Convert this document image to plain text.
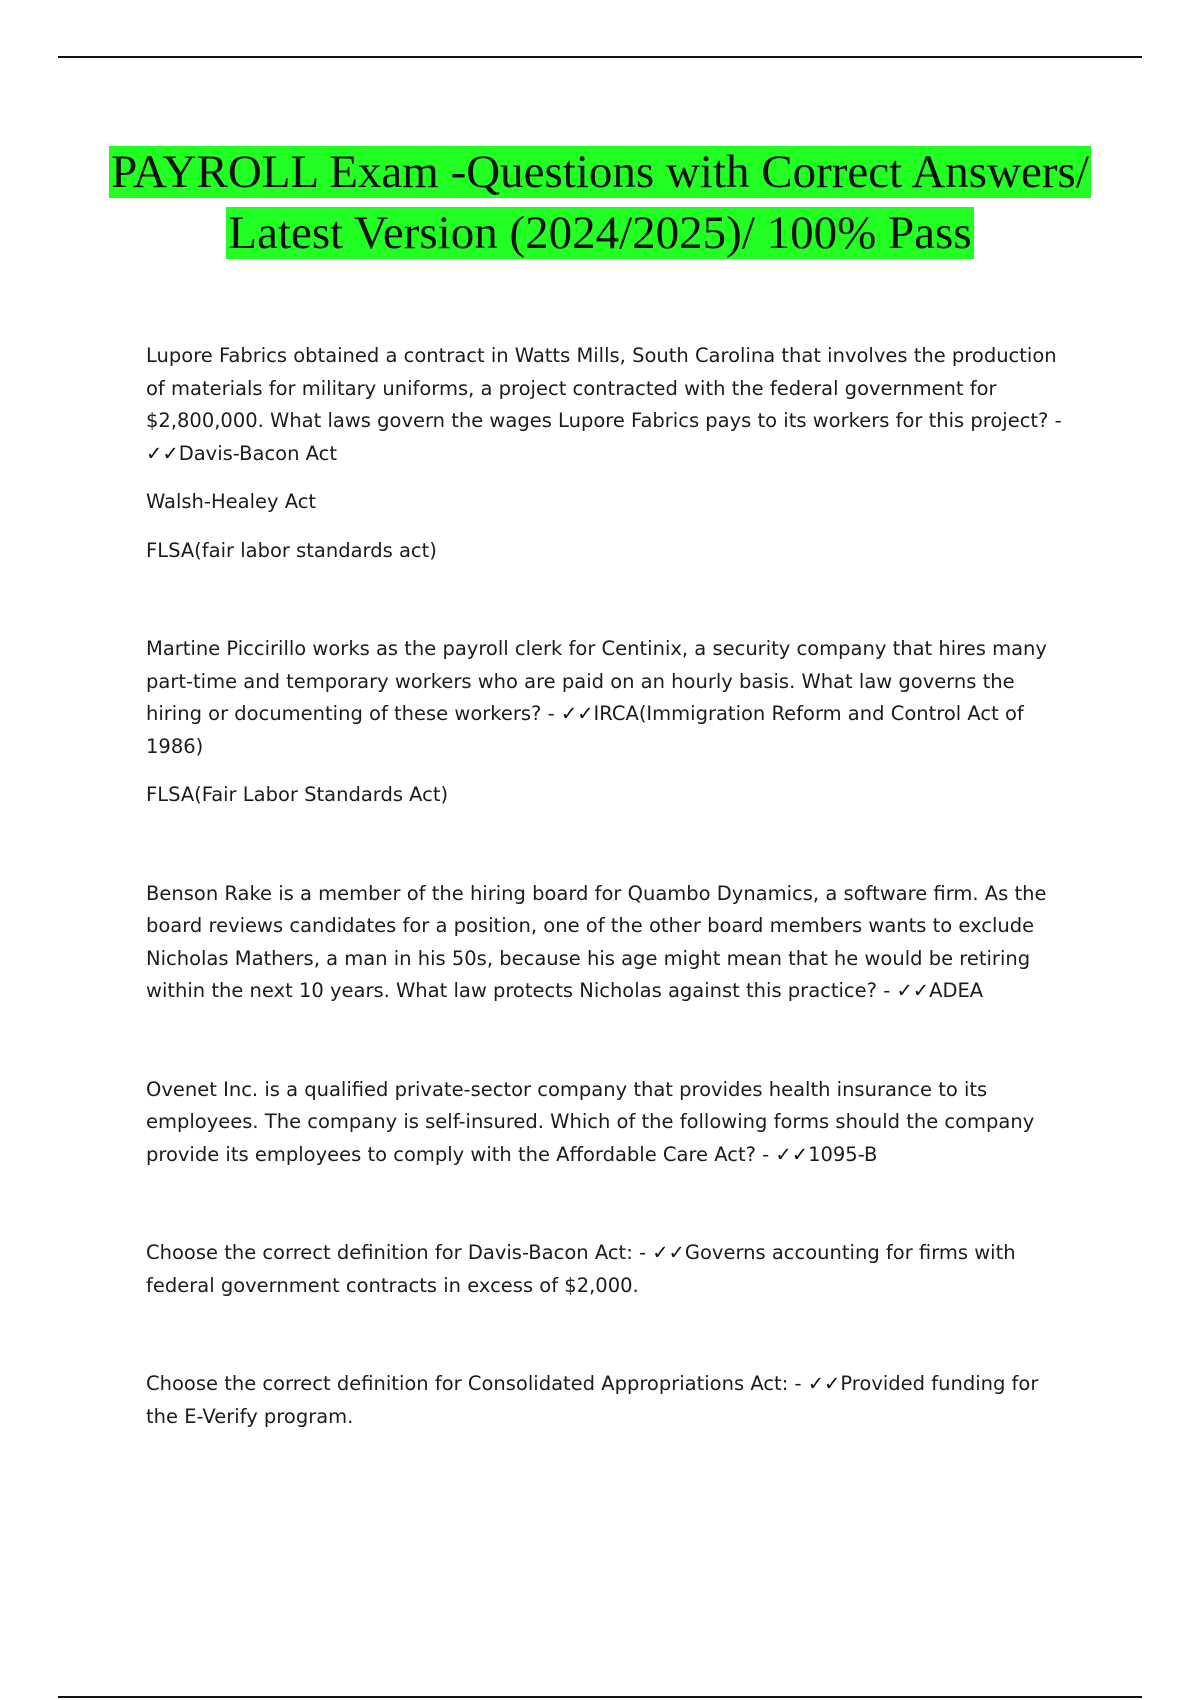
PAYROLL Exam -Questions with Correct Answers/ Latest Version (2024/2025)/ 100% Pass

Lupore Fabrics obtained a contract in Watts Mills, South Carolina that involves the production of materials for military uniforms, a project contracted with the federal government for $2,800,000. What laws govern the wages Lupore Fabrics pays to its workers for this project? - ✓✓Davis-Bacon Act

Walsh-Healey Act

FLSA(fair labor standards act)

Martine Piccirillo works as the payroll clerk for Centinix, a security company that hires many part-time and temporary workers who are paid on an hourly basis. What law governs the hiring or documenting of these workers? - ✓✓IRCA(Immigration Reform and Control Act of 1986)

FLSA(Fair Labor Standards Act)

Benson Rake is a member of the hiring board for Quambo Dynamics, a software firm. As the board reviews candidates for a position, one of the other board members wants to exclude Nicholas Mathers, a man in his 50s, because his age might mean that he would be retiring within the next 10 years. What law protects Nicholas against this practice? - ✓✓ADEA

Ovenet Inc. is a qualified private-sector company that provides health insurance to its employees. The company is self-insured. Which of the following forms should the company provide its employees to comply with the Affordable Care Act? - ✓✓1095-B

Choose the correct definition for Davis-Bacon Act: - ✓✓Governs accounting for firms with federal government contracts in excess of $2,000.

Choose the correct definition for Consolidated Appropriations Act: - ✓✓Provided funding for the E-Verify program.
